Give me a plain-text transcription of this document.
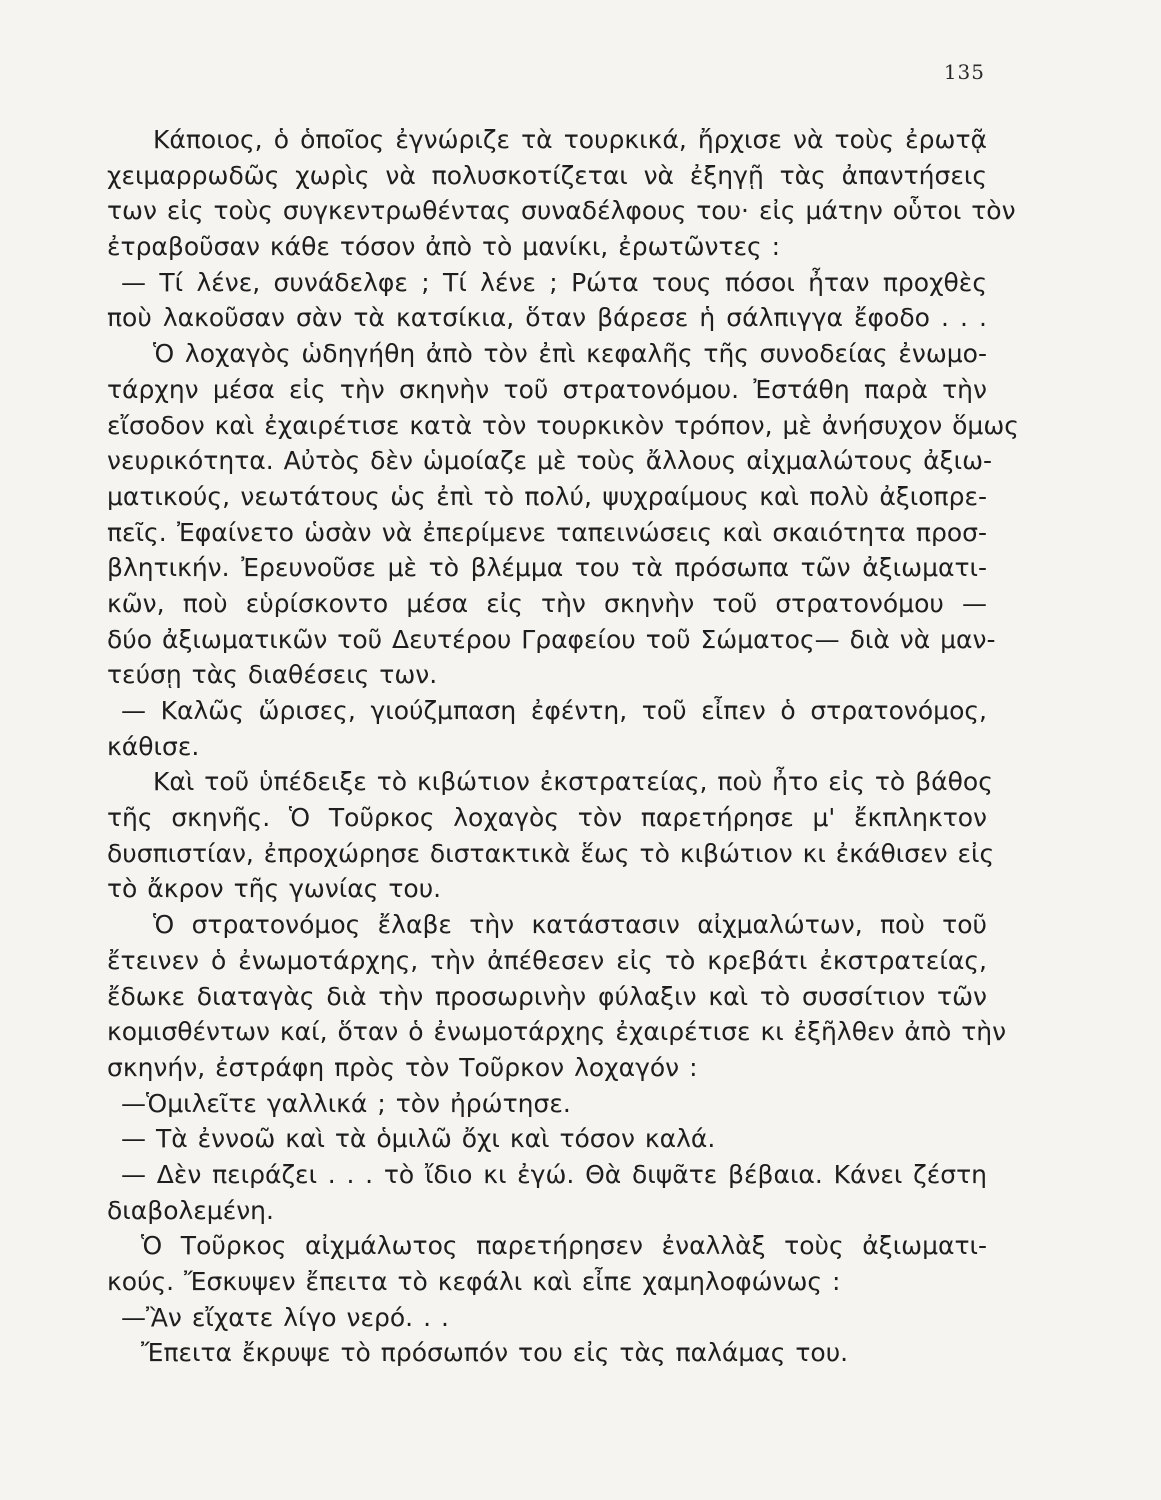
135
Κάποιος, ὁ ὁποῖος ἐγνώριζε τὰ τουρκικά, ἤρχισε νὰ τοὺς ἐρωτᾷ
χειμαρρωδῶς χωρὶς νὰ πολυσκοτίζεται νὰ ἐξηγῇ τὰς ἀπαντήσεις
των εἰς τοὺς συγκεντρωθέντας συναδέλφους του· εἰς μάτην οὗτοι τὸν
ἐτραβοῦσαν κάθε τόσον ἀπὸ τὸ μανίκι, ἐρωτῶντες :
— Τί λένε, συνάδελφε ; Τί λένε ; Ρώτα τους πόσοι ἦταν προχθὲς
ποὺ λακοῦσαν σὰν τὰ κατσίκια, ὅταν βάρεσε ἡ σάλπιγγα ἔφοδο . . .
Ὁ λοχαγὸς ὡδηγήθη ἀπὸ τὸν ἐπὶ κεφαλῆς τῆς συνοδείας ἐνωμο-
τάρχην μέσα εἰς τὴν σκηνὴν τοῦ στρατονόμου. Ἐστάθη παρὰ τὴν
εἴσοδον καὶ ἐχαιρέτισε κατὰ τὸν τουρκικὸν τρόπον, μὲ ἀνήσυχον ὅμως
νευρικότητα. Αὐτὸς δὲν ὡμοίαζε μὲ τοὺς ἄλλους αἰχμαλώτους ἀξιω-
ματικούς, νεωτάτους ὡς ἐπὶ τὸ πολύ, ψυχραίμους καὶ πολὺ ἀξιοπρε-
πεῖς. Ἐφαίνετο ὡσὰν νὰ ἐπερίμενε ταπεινώσεις καὶ σκαιότητα προσ-
βλητικήν. Ἐρευνοῦσε μὲ τὸ βλέμμα του τὰ πρόσωπα τῶν ἀξιωματι-
κῶν, ποὺ εὑρίσκοντο μέσα εἰς τὴν σκηνὴν τοῦ στρατονόμου —
δύο ἀξιωματικῶν τοῦ Δευτέρου Γραφείου τοῦ Σώματος— διὰ νὰ μαν-
τεύσῃ τὰς διαθέσεις των.
— Καλῶς ὥρισες, γιούζμπαση ἐφέντη, τοῦ εἶπεν ὁ στρατονόμος,
κάθισε.
Καὶ τοῦ ὑπέδειξε τὸ κιβώτιον ἐκστρατείας, ποὺ ἦτο εἰς τὸ βάθος
τῆς σκηνῆς. Ὁ Τοῦρκος λοχαγὸς τὸν παρετήρησε μ' ἔκπληκτον
δυσπιστίαν, ἐπροχώρησε διστακτικὰ ἕως τὸ κιβώτιον κι ἐκάθισεν εἰς
τὸ ἄκρον τῆς γωνίας του.
Ὁ στρατονόμος ἔλαβε τὴν κατάστασιν αἰχμαλώτων, ποὺ τοῦ
ἔτεινεν ὁ ἐνωμοτάρχης, τὴν ἀπέθεσεν εἰς τὸ κρεβάτι ἐκστρατείας,
ἔδωκε διαταγὰς διὰ τὴν προσωρινὴν φύλαξιν καὶ τὸ συσσίτιον τῶν
κομισθέντων καί, ὅταν ὁ ἐνωμοτάρχης ἐχαιρέτισε κι ἐξῆλθεν ἀπὸ τὴν
σκηνήν, ἐστράφη πρὸς τὸν Τοῦρκον λοχαγόν :
—Ὁμιλεῖτε γαλλικά ; τὸν ἠρώτησε.
— Τὰ ἐννοῶ καὶ τὰ ὁμιλῶ ὄχι καὶ τόσον καλά.
— Δὲν πειράζει . . . τὸ ἴδιο κι ἐγώ. Θὰ διψᾶτε βέβαια. Κάνει ζέστη
διαβολεμένη.
Ὁ Τοῦρκος αἰχμάλωτος παρετήρησεν ἐναλλὰξ τοὺς ἀξιωματι-
κούς. Ἔσκυψεν ἔπειτα τὸ κεφάλι καὶ εἶπε χαμηλοφώνως :
—Ἂν εἴχατε λίγο νερό. . .
Ἔπειτα ἔκρυψε τὸ πρόσωπόν του εἰς τὰς παλάμας του.
